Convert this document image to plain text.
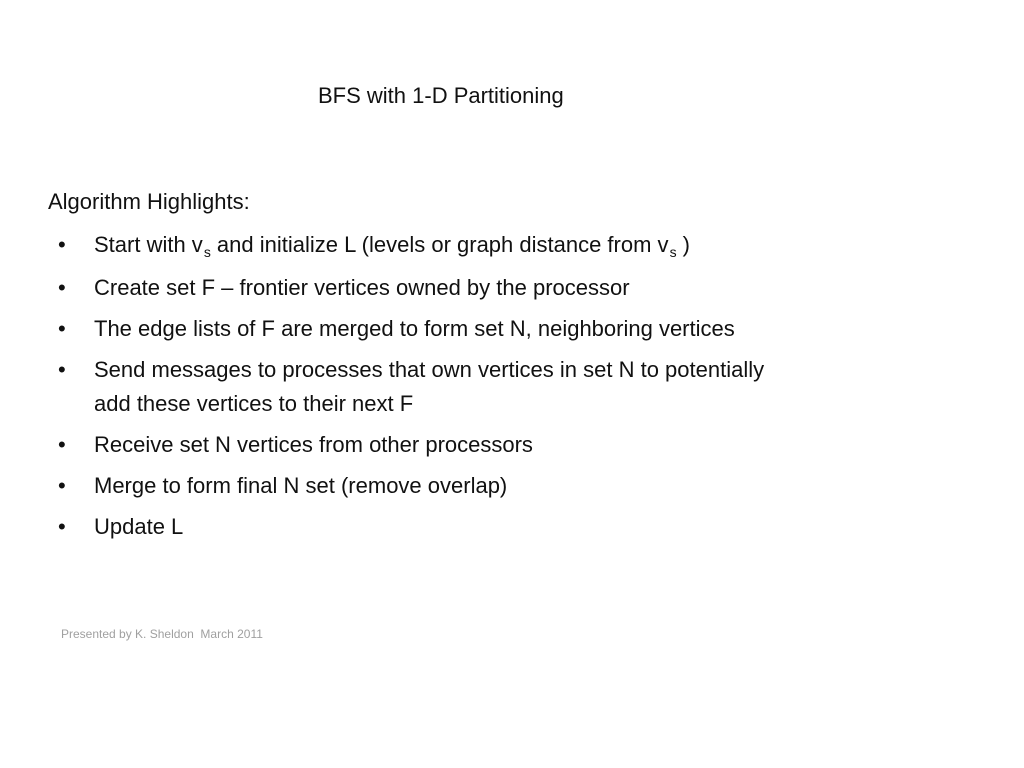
BFS with 1-D Partitioning
Algorithm Highlights:
•	Start with $v_s$ and initialize L (levels or graph distance from $v_s$ )
•	Create set F – frontier vertices owned by the processor
•	The edge lists of F are merged to form set N, neighboring vertices
•	Send messages to processes that own vertices in set N to potentially
add these vertices to their next F
•	Receive set N vertices from other processors
•	Merge to form final N set (remove overlap)
•	Update L
Presented by K. Sheldon  March 2011
